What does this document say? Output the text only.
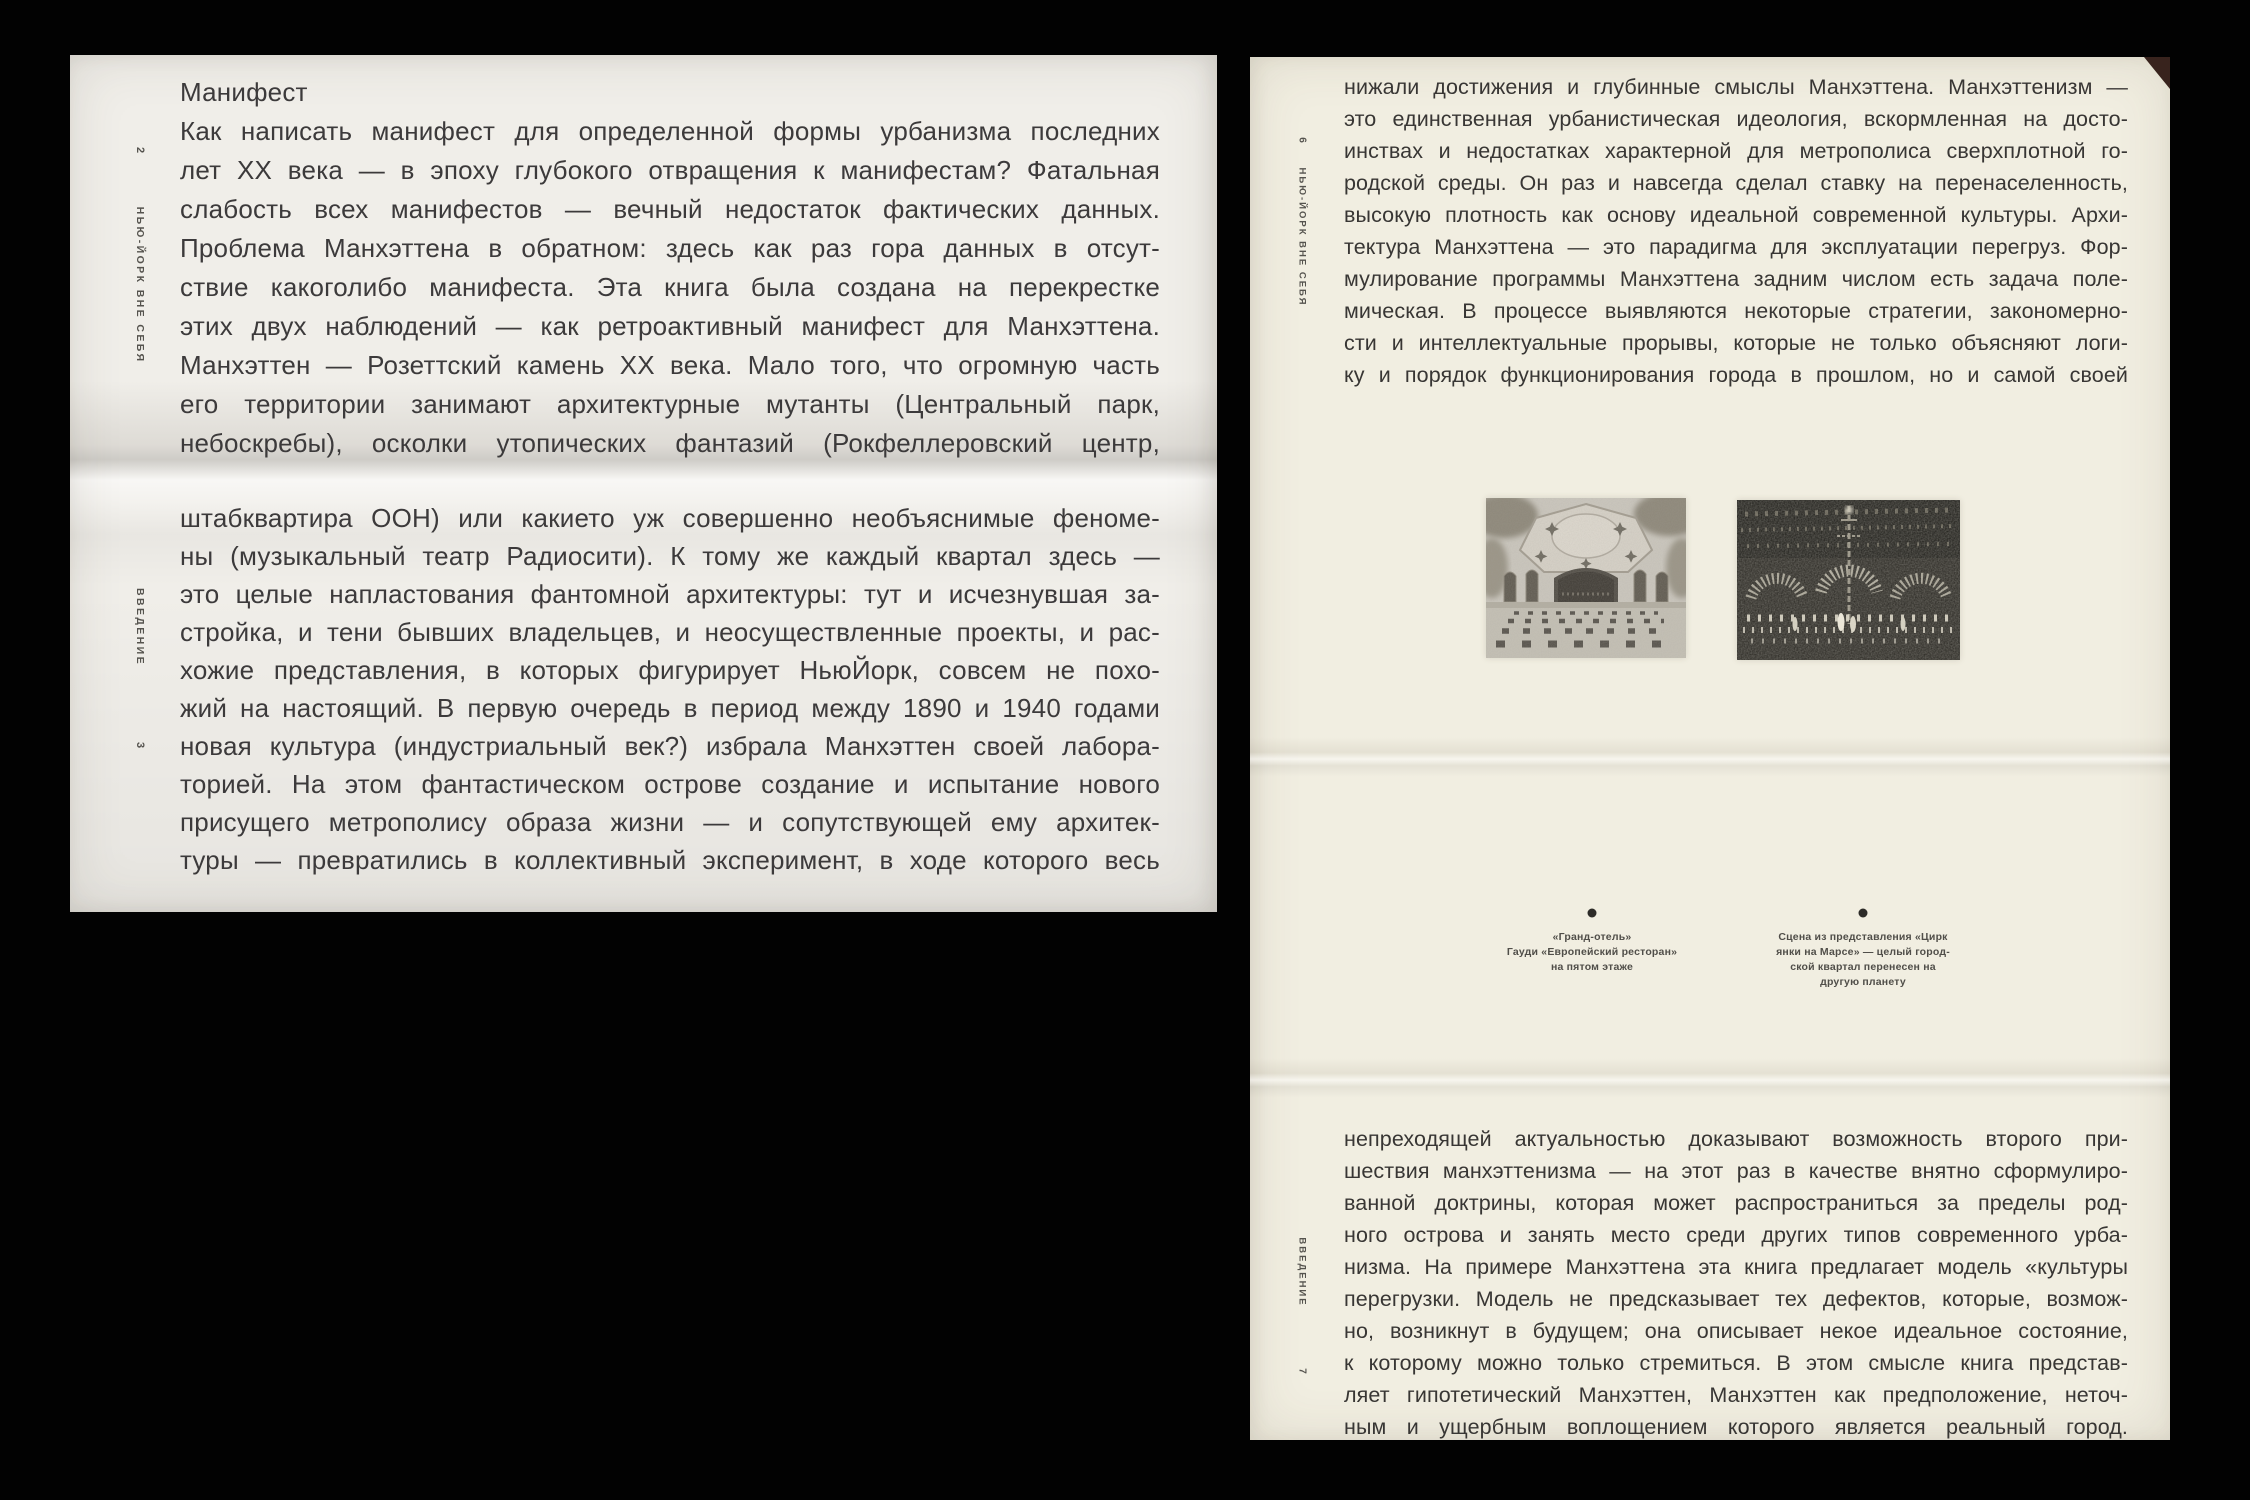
2
НЬЮ-ЙОРК ВНЕ СЕБЯ
ВВЕДЕНИЕ
3
Манифест
Как написать манифест для определенной формы урбанизма последних
лет ХХ века — в эпоху глубокого отвращения к манифестам? Фатальная
слабость всех манифестов — вечный недостаток фактических данных.
Проблема Манхэттена в обратном: здесь как раз гора данных в отсут-
ствие какоголибо манифеста. Эта книга была создана на перекрестке
этих двух наблюдений — как ретроактивный манифест для Манхэттена.
Манхэттен — Розеттский камень ХХ века. Мало того, что огромную часть
его территории занимают архитектурные мутанты (Центральный парк,
небоскребы), осколки утопических фантазий (Рокфеллеровский центр,
штабквартира ООН) или какието уж совершенно необъяснимые феноме-
ны (музыкальный театр Радиосити). К тому же каждый квартал здесь —
это целые напластования фантомной архитектуры: тут и исчезнувшая за-
стройка, и тени бывших владельцев, и неосуществленные проекты, и рас-
хожие представления, в которых фигурирует НьюЙорк, совсем не похо-
жий на настоящий. В первую очередь в период между 1890 и 1940 годами
новая культура (индустриальный век?) избрала Манхэттен своей лабора-
торией. На этом фантастическом острове создание и испытание нового
присущего метрополису образа жизни — и сопутствующей ему архитек-
туры — превратились в коллективный эксперимент, в ходе которого весь
6
НЬЮ-ЙОРК ВНЕ СЕБЯ
ВВЕДЕНИЕ
7
нижали достижения и глубинные смыслы Манхэттена. Манхэттенизм —
это единственная урбанистическая идеология, вскормленная на досто-
инствах и недостатках характерной для метрополиса сверхплотной го-
родской среды. Он раз и навсегда сделал ставку на перенаселенность,
высокую плотность как основу идеальной современной культуры. Архи-
тектура Манхэттена — это парадигма для эксплуатации перегруз. Фор-
мулирование программы Манхэттена задним числом есть задача поле-
мическая. В процессе выявляются некоторые стратегии, закономерно-
сти и интеллектуальные прорывы, которые не только объясняют логи-
ку и порядок функционирования города в прошлом, но и самой своей
«Гранд-отель»
Гауди «Европейский ресторан»
на пятом этаже
Сцена из представления «Цирк
янки на Марсе» — целый город-
ской квартал перенесен на
другую планету
непреходящей актуальностью доказывают возможность второго при-
шествия манхэттенизма — на этот раз в качестве внятно сформулиро-
ванной доктрины, которая может распространиться за пределы род-
ного острова и занять место среди других типов современного урба-
низма. На примере Манхэттена эта книга предлагает модель «культуры
перегрузки. Модель не предсказывает тех дефектов, которые, возмож-
но, возникнут в будущем; она описывает некое идеальное состояние,
к которому можно только стремиться. В этом смысле книга представ-
ляет гипотетический Манхэттен, Манхэттен как предположение, неточ-
ным и ущербным воплощением которого является реальный город.
